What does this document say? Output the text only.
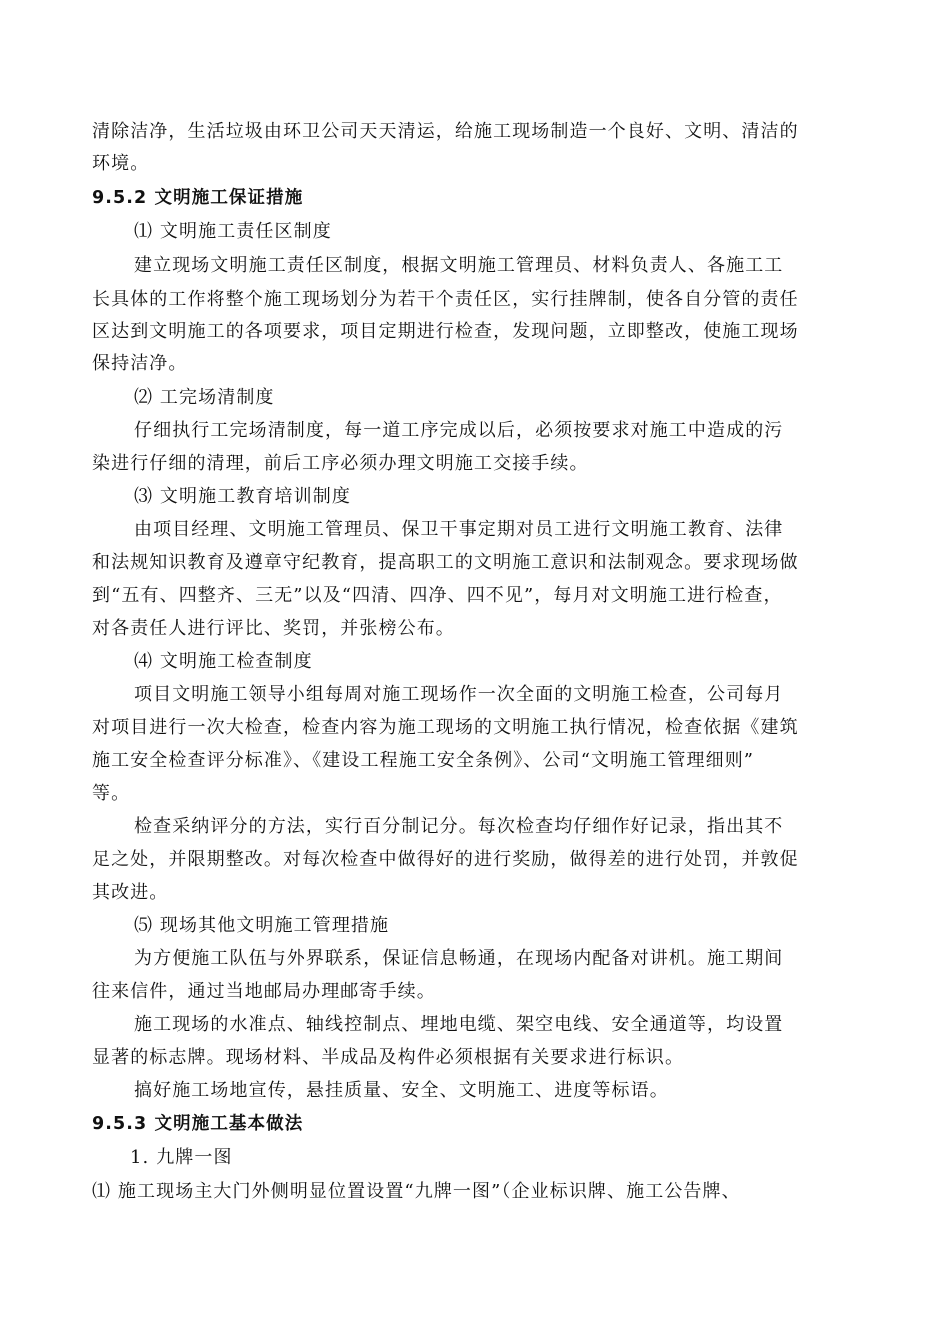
清除洁净，生活垃圾由环卫公司天天清运，给施工现场制造一个良好、文明、清洁的
环境。
9.5.2 文明施工保证措施
⑴ 文明施工责任区制度
建立现场文明施工责任区制度，根据文明施工管理员、材料负责人、各施工工
长具体的工作将整个施工现场划分为若干个责任区，实行挂牌制，使各自分管的责任
区达到文明施工的各项要求，项目定期进行检查，发现问题，立即整改，使施工现场
保持洁净。
⑵ 工完场清制度
仔细执行工完场清制度，每一道工序完成以后，必须按要求对施工中造成的污
染进行仔细的清理，前后工序必须办理文明施工交接手续。
⑶ 文明施工教育培训制度
由项目经理、文明施工管理员、保卫干事定期对员工进行文明施工教育、法律
和法规知识教育及遵章守纪教育，提高职工的文明施工意识和法制观念。要求现场做
到“五有、四整齐、三无”以及“四清、四净、四不见”，每月对文明施工进行检查，
对各责任人进行评比、奖罚，并张榜公布。
⑷ 文明施工检查制度
项目文明施工领导小组每周对施工现场作一次全面的文明施工检查，公司每月
对项目进行一次大检查，检查内容为施工现场的文明施工执行情况，检查依据《建筑
施工安全检查评分标准》、《建设工程施工安全条例》、公司“文明施工管理细则”
等。
检查采纳评分的方法，实行百分制记分。每次检查均仔细作好记录，指出其不
足之处，并限期整改。对每次检查中做得好的进行奖励，做得差的进行处罚，并敦促
其改进。
⑸ 现场其他文明施工管理措施
为方便施工队伍与外界联系，保证信息畅通，在现场内配备对讲机。施工期间
往来信件，通过当地邮局办理邮寄手续。
施工现场的水准点、轴线控制点、埋地电缆、架空电线、安全通道等，均设置
显著的标志牌。现场材料、半成品及构件必须根据有关要求进行标识。
搞好施工场地宣传，悬挂质量、安全、文明施工、进度等标语。
9.5.3 文明施工基本做法
1. 九牌一图
⑴ 施工现场主大门外侧明显位置设置“九牌一图”（企业标识牌、施工公告牌、
